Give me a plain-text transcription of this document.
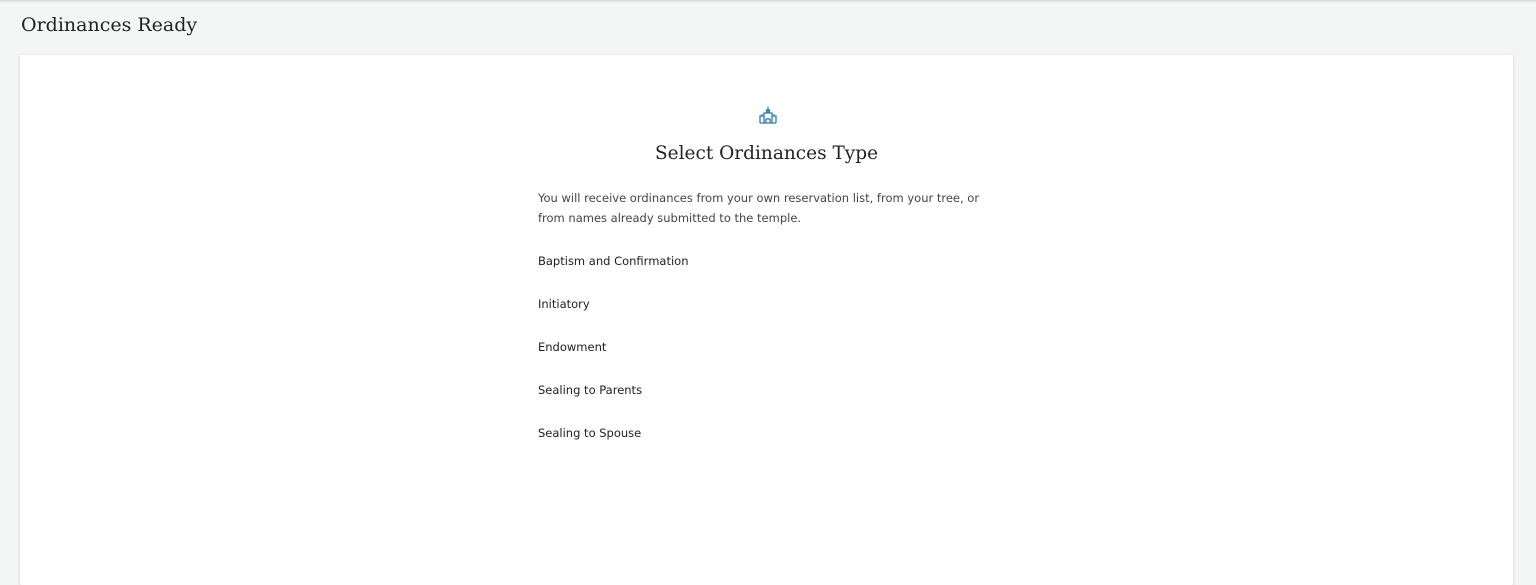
Ordinances Ready
Select Ordinances Type

You will receive ordinances from your own reservation list, from your tree, or from names already submitted to the temple.

Baptism and Confirmation
Initiatory
Endowment
Sealing to Parents
Sealing to Spouse
